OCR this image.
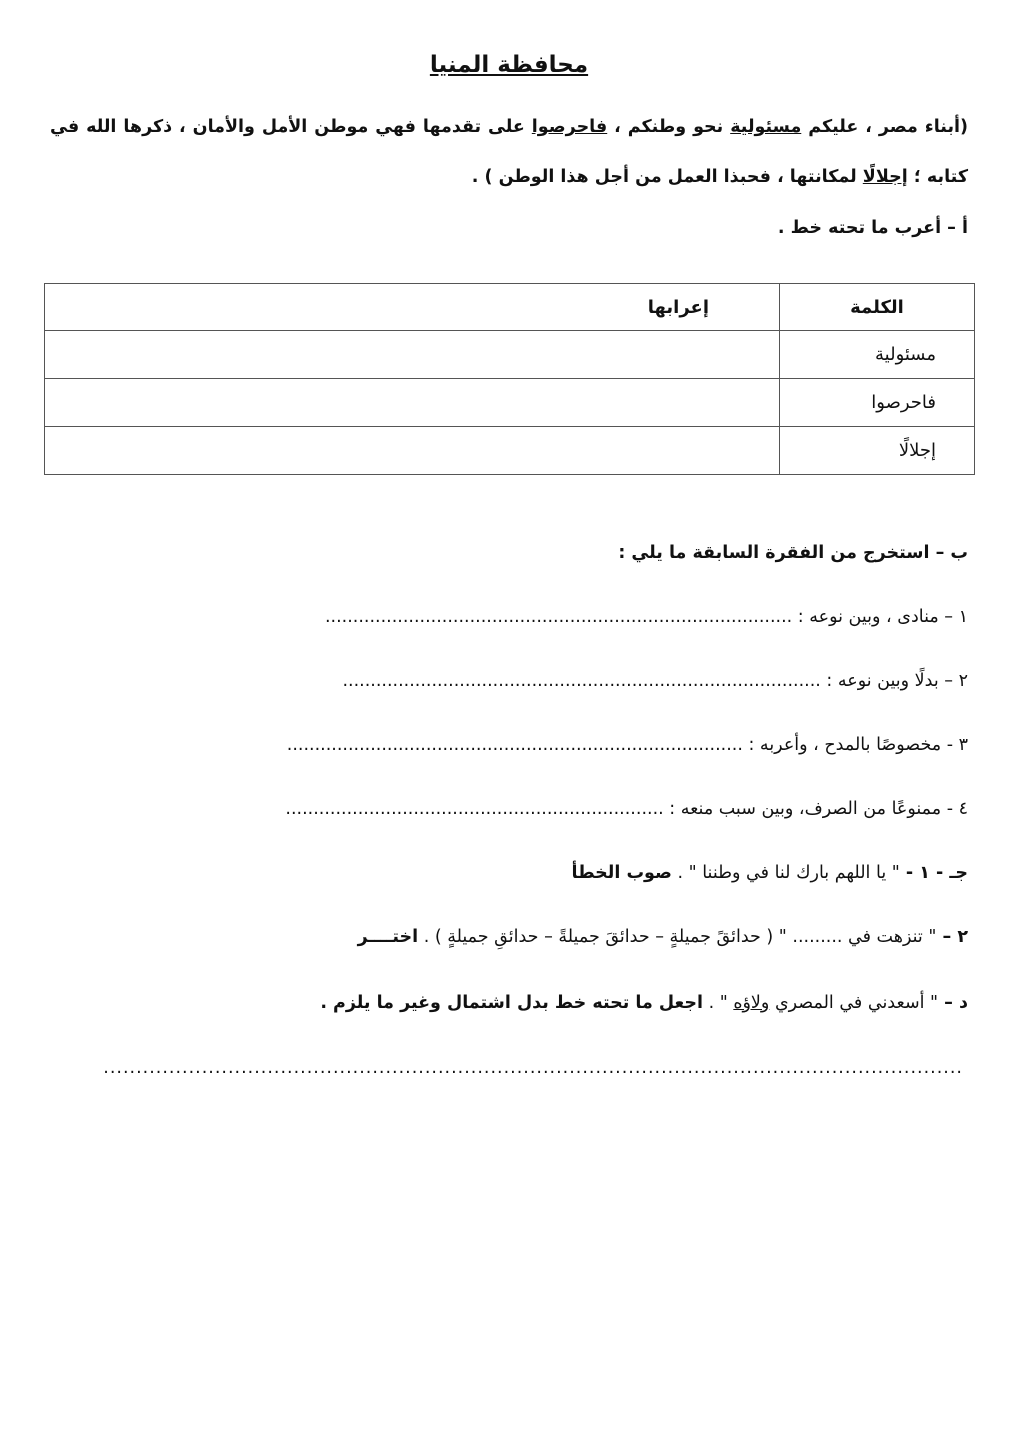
محافظة المنيا
(أبناء مصر ، عليكم مسئولية نحو وطنكم ، فاحرصوا على تقدمها فهي موطن الأمل والأمان ، ذكرها الله في كتابه ؛ إجلالًا لمكانتها ، فحبذا العمل من أجل هذا الوطن ) .
أ – أعرب ما تحته خط .
الكلمة	إعرابها
مسئولية	
فاحرصوا	
إجلالًا	
ب – استخرج من الفقرة السابقة ما يلي :
١ – منادى ، وبين نوعه : ....................................................................................
٢ – بدلًا وبين نوعه : ......................................................................................
٣ - مخصوصًا بالمدح ، وأعربه : ..................................................................................
٤ - ممنوعًا من الصرف، وبين سبب منعه : ....................................................................
جـ - ١ - " يا اللهم بارك لنا في وطننا " . صوب الخطأ
٢ – " تنزهت في ......... " ( حدائقً جميلةٍ – حدائقَ جميلةً – حدائقِ جميلةٍ ) . اختــــر
د – " أسعدني في المصري ولاؤه " . اجعل ما تحته خط بدل اشتمال وغير ما يلزم .
...................................................................................................................................
